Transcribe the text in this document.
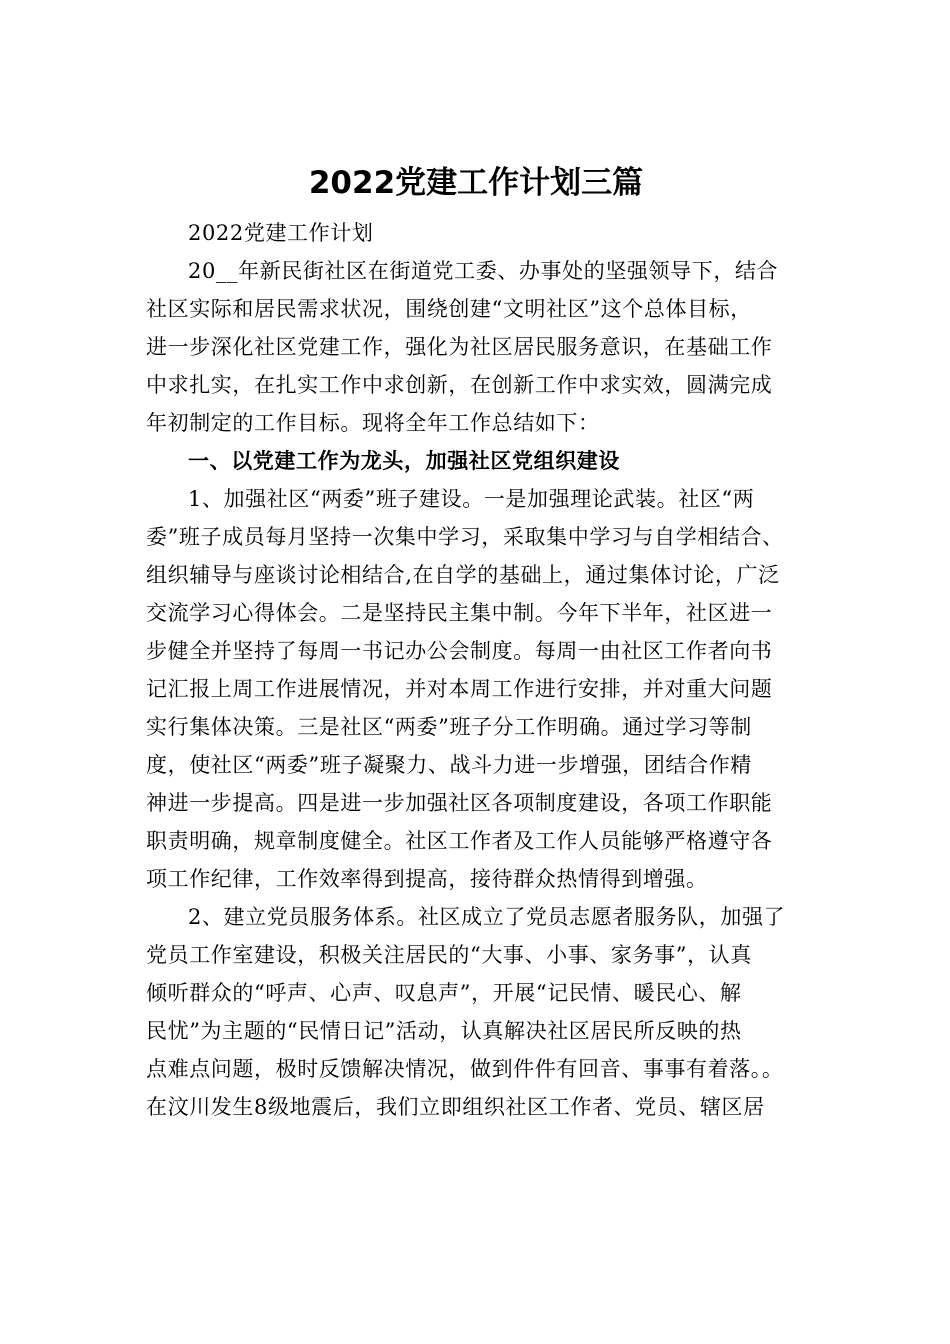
2022党建工作计划三篇

2022党建工作计划

20__年新民街社区在街道党工委、办事处的坚强领导下，结合
社区实际和居民需求状况，围绕创建“文明社区”这个总体目标，
进一步深化社区党建工作，强化为社区居民服务意识，在基础工作
中求扎实，在扎实工作中求创新，在创新工作中求实效，圆满完成
年初制定的工作目标。现将全年工作总结如下：

一、以党建工作为龙头，加强社区党组织建设

1、加强社区“两委”班子建设。一是加强理论武装。社区“两
委”班子成员每月坚持一次集中学习，采取集中学习与自学相结合、
组织辅导与座谈讨论相结合,在自学的基础上，通过集体讨论，广泛
交流学习心得体会。二是坚持民主集中制。今年下半年，社区进一
步健全并坚持了每周一书记办公会制度。每周一由社区工作者向书
记汇报上周工作进展情况，并对本周工作进行安排，并对重大问题
实行集体决策。三是社区“两委”班子分工作明确。通过学习等制
度，使社区“两委”班子凝聚力、战斗力进一步增强，团结合作精
神进一步提高。四是进一步加强社区各项制度建设，各项工作职能
职责明确，规章制度健全。社区工作者及工作人员能够严格遵守各
项工作纪律，工作效率得到提高，接待群众热情得到增强。
2、建立党员服务体系。社区成立了党员志愿者服务队，加强了
党员工作室建设，积极关注居民的“大事、小事、家务事”，认真
倾听群众的“呼声、心声、叹息声”，开展“记民情、暖民心、解
民忧”为主题的“民情日记”活动，认真解决社区居民所反映的热
点难点问题，极时反馈解决情况，做到件件有回音、事事有着落。。
在汶川发生8级地震后，我们立即组织社区工作者、党员、辖区居
